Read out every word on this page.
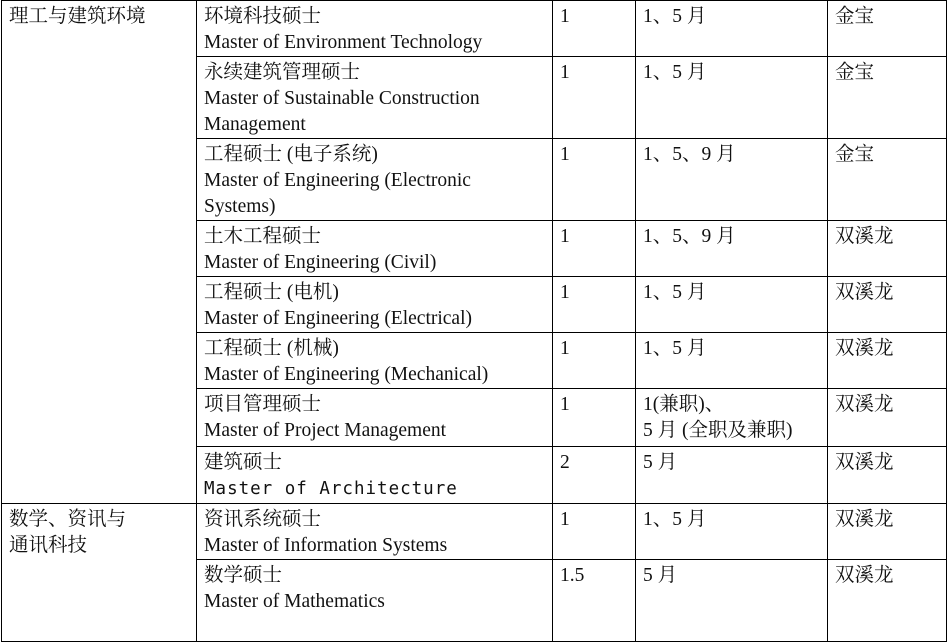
理工与建筑环境	环境科技硕士
Master of Environment Technology	1	1、5 月	金宝

	永续建筑管理硕士
Master of Sustainable Construction
Management	1	1、5 月	金宝

	工程硕士 (电子系统)
Master of Engineering (Electronic
Systems)	1	1、5、9 月	金宝

	土木工程硕士
Master of Engineering (Civil)	1	1、5、9 月	双溪龙

	工程硕士 (电机)
Master of Engineering (Electrical)	1	1、5 月	双溪龙

	工程硕士 (机械)
Master of Engineering (Mechanical)	1	1、5 月	双溪龙

	项目管理硕士
Master of Project Management	1	1(兼职)、
5 月 (全职及兼职)	双溪龙

	建筑硕士
Master of Architecture	2	5 月	双溪龙

数学、资讯与
通讯科技	资讯系统硕士
Master of Information Systems	1	1、5 月	双溪龙

	数学硕士
Master of Mathematics	1.5	5 月	双溪龙
